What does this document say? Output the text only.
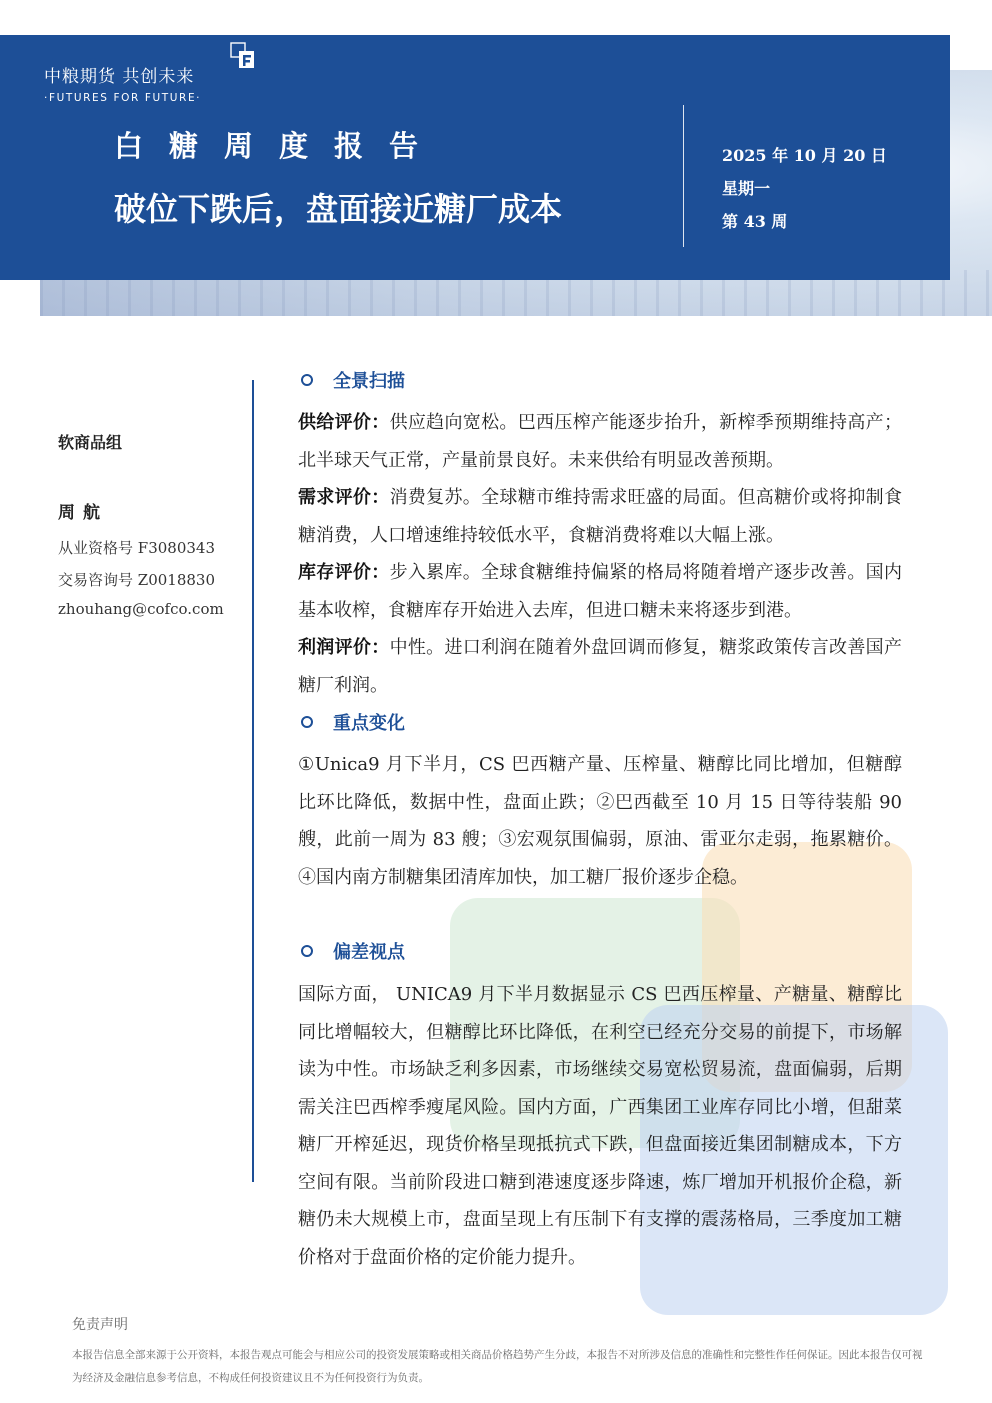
中粮期货 共创未来
·FUTURES FOR FUTURE·
白糖周度报告
破位下跌后，盘面接近糖厂成本
2025 年 10 月 20 日
星期一
第 43 周
软商品组
周航
从业资格号 F3080343
交易咨询号 Z0018830
zhouhang@cofco.com
全景扫描
供给评价：供应趋向宽松。巴西压榨产能逐步抬升，新榨季预期维持高产；北半球天气正常，产量前景良好。未来供给有明显改善预期。
需求评价：消费复苏。全球糖市维持需求旺盛的局面。但高糖价或将抑制食糖消费，人口增速维持较低水平，食糖消费将难以大幅上涨。
库存评价：步入累库。全球食糖维持偏紧的格局将随着增产逐步改善。国内基本收榨，食糖库存开始进入去库，但进口糖未来将逐步到港。
利润评价：中性。进口利润在随着外盘回调而修复，糖浆政策传言改善国产糖厂利润。
重点变化
①Unica9 月下半月，CS 巴西糖产量、压榨量、糖醇比同比增加，但糖醇比环比降低，数据中性，盘面止跌；②巴西截至 10 月 15 日等待装船 90 艘，此前一周为 83 艘；③宏观氛围偏弱，原油、雷亚尔走弱，拖累糖价。④国内南方制糖集团清库加快，加工糖厂报价逐步企稳。
偏差视点
国际方面， UNICA9 月下半月数据显示 CS 巴西压榨量、产糖量、糖醇比同比增幅较大，但糖醇比环比降低，在利空已经充分交易的前提下，市场解读为中性。市场缺乏利多因素，市场继续交易宽松贸易流，盘面偏弱，后期需关注巴西榨季瘦尾风险。国内方面，广西集团工业库存同比小增，但甜菜糖厂开榨延迟，现货价格呈现抵抗式下跌，但盘面接近集团制糖成本，下方空间有限。当前阶段进口糖到港速度逐步降速，炼厂增加开机报价企稳，新糖仍未大规模上市，盘面呈现上有压制下有支撑的震荡格局，三季度加工糖价格对于盘面价格的定价能力提升。
免责声明
本报告信息全部来源于公开资料，本报告观点可能会与相应公司的投资发展策略或相关商品价格趋势产生分歧，本报告不对所涉及信息的准确性和完整性作任何保证。因此本报告仅可视为经济及金融信息参考信息，不构成任何投资建议且不为任何投资行为负责。
